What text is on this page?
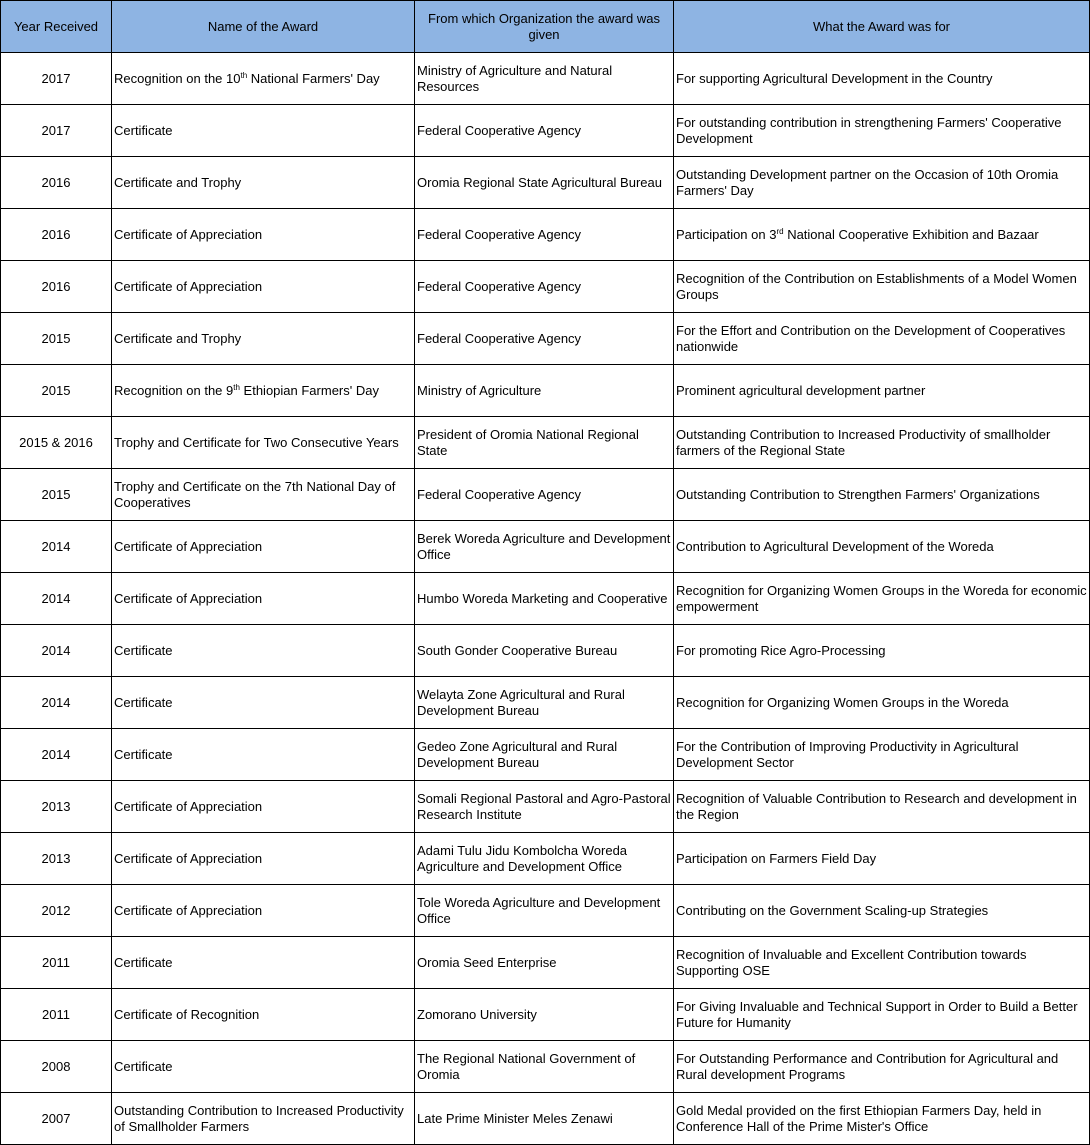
Year Received	Name of the Award	From which Organization the award was given	What the Award was for
2017	Recognition on the 10th National Farmers' Day	Ministry of Agriculture and Natural Resources	For supporting Agricultural Development in the Country
2017	Certificate	Federal Cooperative Agency	For outstanding contribution in strengthening Farmers' Cooperative Development
2016	Certificate and Trophy	Oromia Regional State Agricultural Bureau	Outstanding Development partner on the Occasion of 10th Oromia Farmers' Day
2016	Certificate of Appreciation	Federal Cooperative Agency	Participation on 3rd National Cooperative Exhibition and Bazaar
2016	Certificate of Appreciation	Federal Cooperative Agency	Recognition of the Contribution on Establishments of a Model Women Groups
2015	Certificate and Trophy	Federal Cooperative Agency	For the Effort and Contribution on the Development of Cooperatives nationwide
2015	Recognition on the 9th Ethiopian Farmers' Day	Ministry of Agriculture	Prominent agricultural development partner
2015 & 2016	Trophy and Certificate for Two Consecutive Years	President of Oromia National Regional State	Outstanding Contribution to Increased Productivity of smallholder farmers of the Regional State
2015	Trophy and Certificate on the 7th National Day of Cooperatives	Federal Cooperative Agency	Outstanding Contribution to Strengthen Farmers' Organizations
2014	Certificate of Appreciation	Berek Woreda Agriculture and Development Office	Contribution to Agricultural Development of the Woreda
2014	Certificate of Appreciation	Humbo Woreda Marketing and Cooperative	Recognition for Organizing Women Groups in the Woreda for economic empowerment
2014	Certificate	South Gonder Cooperative Bureau	For promoting Rice Agro-Processing
2014	Certificate	Welayta Zone Agricultural and Rural Development Bureau	Recognition for Organizing Women Groups in the Woreda
2014	Certificate	Gedeo Zone Agricultural and Rural Development Bureau	For the Contribution of Improving Productivity in Agricultural Development Sector
2013	Certificate of Appreciation	Somali Regional Pastoral and Agro-Pastoral Research Institute	Recognition of Valuable Contribution to Research and development in the Region
2013	Certificate of Appreciation	Adami Tulu Jidu Kombolcha Woreda Agriculture and Development Office	Participation on Farmers Field Day
2012	Certificate of Appreciation	Tole Woreda Agriculture and Development Office	Contributing on the Government Scaling-up Strategies
2011	Certificate	Oromia Seed Enterprise	Recognition of Invaluable and Excellent Contribution towards Supporting OSE
2011	Certificate of Recognition	Zomorano University	For Giving Invaluable and Technical Support in Order to Build a Better Future for Humanity
2008	Certificate	The Regional National Government of Oromia	For Outstanding Performance and Contribution for Agricultural and Rural development Programs
2007	Outstanding Contribution to Increased Productivity of Smallholder Farmers	Late Prime Minister Meles Zenawi	Gold Medal provided on the first Ethiopian Farmers Day, held in Conference Hall of the Prime Mister's Office
